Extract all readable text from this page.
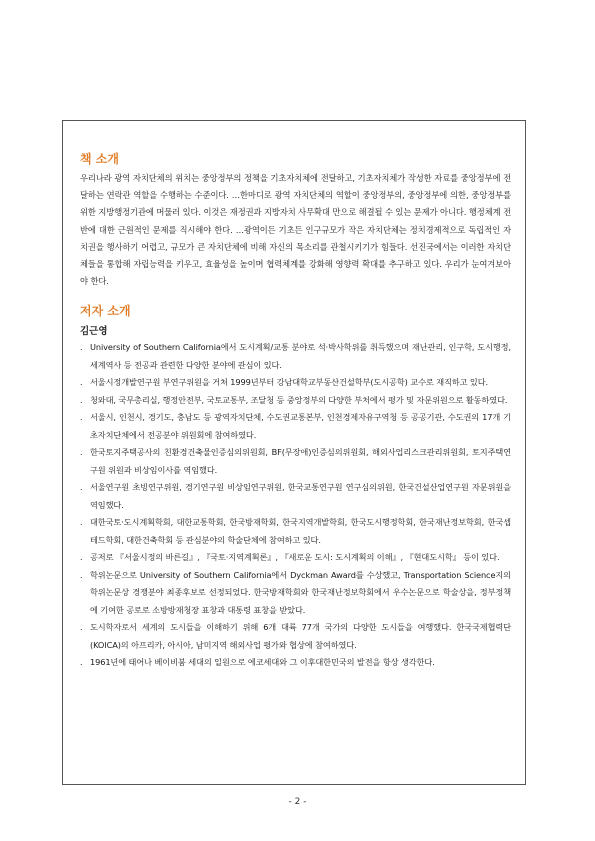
책 소개

우리나라 광역 자치단체의 위치는 중앙정부의 정책을 기초자치체에 전달하고, 기초자치체가 작성한 자료를 중앙정부에 전달하는 연락관 역할을 수행하는 수준이다. …한마디로 광역 자치단체의 역할이 중앙정부의, 중앙정부에 의한, 중앙정부를 위한 지방행정기관에 머물러 있다. 이것은 재정권과 지방자치 사무확대 만으로 해결될 수 있는 문제가 아니다. 행정체계 전반에 대한 근원적인 문제를 직시해야 한다. …광역이든 기초든 인구규모가 작은 자치단체는 정치경제적으로 독립적인 자치권을 행사하기 어렵고, 규모가 큰 자치단체에 비해 자신의 목소리를 관철시키기가 힘들다. 선진국에서는 이러한 자치단체들을 통합해 자립능력을 키우고, 효율성을 높이며 협력체계를 강화해 영향력 확대를 추구하고 있다. 우리가 눈여겨보아야 한다.

저자 소개
김근영
. University of Southern California에서 도시계획/교통 분야로 석·박사학위를 취득했으며 재난관리, 인구학, 도시행정, 세계역사 등 전공과 관련한 다양한 분야에 관심이 있다.
. 서울시정개발연구원 부연구위원을 거쳐 1999년부터 강남대학교부동산건설학부(도시공학) 교수로 재직하고 있다.
. 청와대, 국무총리실, 행정안전부, 국토교통부, 조달청 등 중앙정부의 다양한 부처에서 평가 및 자문위원으로 활동하였다.
. 서울시, 인천시, 경기도, 충남도 등 광역자치단체, 수도권교통본부, 인천경제자유구역청 등 공공기관, 수도권의 17개 기초자치단체에서 전공분야 위원회에 참여하였다.
. 한국토지주택공사의 친환경건축물인증심의위원회, BF(무장애)인증심의위원회, 해외사업리스크관리위원회, 토지주택연구원 위원과 비상임이사를 역임했다.
. 서울연구원 초빙연구위원, 경기연구원 비상임연구위원, 한국교통연구원 연구심의위원, 한국건설산업연구원 자문위원을 역임했다.
. 대한국토·도시계획학회, 대한교통학회, 한국방재학회, 한국지역개발학회, 한국도시행정학회, 한국재난정보학회, 한국셉테드학회, 대한건축학회 등 관심분야의 학술단체에 참여하고 있다.
. 공저로 『서울시정의 바른길』, 『국토·지역계획론』, 『새로운 도시: 도시계획의 이해』, 『현대도시학』 등이 있다.
. 학위논문으로 University of Southern California에서 Dyckman Award를 수상했고, Transportation Science지의 학위논문상 경쟁분야 최종후보로 선정되었다. 한국방재학회와 한국재난정보학회에서 우수논문으로 학술상을, 정부정책에 기여한 공로로 소방방재청장 표창과 대통령 표창을 받았다.
. 도시학자로서 세계의 도시들을 이해하기 위해 6개 대륙 77개 국가의 다양한 도시들을 여행했다. 한국국제협력단(KOICA)의 아프리카, 아시아, 남미지역 해외사업 평가와 협상에 참여하였다.
. 1961년에 태어나 베이비붐 세대의 일원으로 에코세대와 그 이후대한민국의 발전을 항상 생각한다.
- 2 -
